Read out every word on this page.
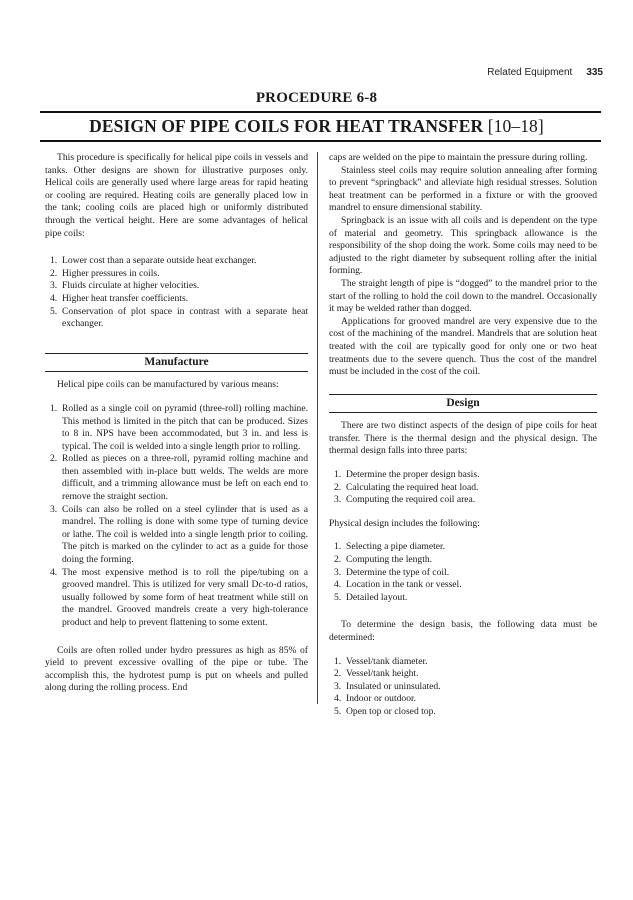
Related Equipment 335
PROCEDURE 6-8
DESIGN OF PIPE COILS FOR HEAT TRANSFER [10–18]

This procedure is specifically for helical pipe coils in vessels and tanks. Other designs are shown for illustrative purposes only. Helical coils are generally used where large areas for rapid heating or cooling are required. Heating coils are generally placed low in the tank; cooling coils are placed high or uniformly distributed through the vertical height. Here are some advantages of helical pipe coils:

1. Lower cost than a separate outside heat exchanger.
2. Higher pressures in coils.
3. Fluids circulate at higher velocities.
4. Higher heat transfer coefficients.
5. Conservation of plot space in contrast with a separate heat exchanger.
Manufacture

Helical pipe coils can be manufactured by various means:

1. Rolled as a single coil on pyramid (three-roll) rolling machine. This method is limited in the pitch that can be produced. Sizes to 8 in. NPS have been accommodated, but 3 in. and less is typical. The coil is welded into a single length prior to rolling.
2. Rolled as pieces on a three-roll, pyramid rolling machine and then assembled with in-place butt welds. The welds are more difficult, and a trimming allowance must be left on each end to remove the straight section.
3. Coils can also be rolled on a steel cylinder that is used as a mandrel. The rolling is done with some type of turning device or lathe. The coil is welded into a single length prior to coiling. The pitch is marked on the cylinder to act as a guide for those doing the forming.
4. The most expensive method is to roll the pipe/tubing on a grooved mandrel. This is utilized for very small Dc-to-d ratios, usually followed by some form of heat treatment while still on the mandrel. Grooved mandrels create a very high-tolerance product and help to prevent flattening to some extent.

Coils are often rolled under hydro pressures as high as 85% of yield to prevent excessive ovalling of the pipe or tube. The accomplish this, the hydrotest pump is put on wheels and pulled along during the rolling process. End

caps are welded on the pipe to maintain the pressure during rolling.

Stainless steel coils may require solution annealing after forming to prevent “springback” and alleviate high residual stresses. Solution heat treatment can be performed in a fixture or with the grooved mandrel to ensure dimensional stability.

Springback is an issue with all coils and is dependent on the type of material and geometry. This springback allowance is the responsibility of the shop doing the work. Some coils may need to be adjusted to the right diameter by subsequent rolling after the initial forming.

The straight length of pipe is “dogged” to the mandrel prior to the start of the rolling to hold the coil down to the mandrel. Occasionally it may be welded rather than dogged.

Applications for grooved mandrel are very expensive due to the cost of the machining of the mandrel. Mandrels that are solution heat treated with the coil are typically good for only one or two heat treatments due to the severe quench. Thus the cost of the mandrel must be included in the cost of the coil.

Design

There are two distinct aspects of the design of pipe coils for heat transfer. There is the thermal design and the physical design. The thermal design falls into three parts:

1. Determine the proper design basis.
2. Calculating the required heat load.
3. Computing the required coil area.

Physical design includes the following:

1. Selecting a pipe diameter.
2. Computing the length.
3. Determine the type of coil.
4. Location in the tank or vessel.
5. Detailed layout.

To determine the design basis, the following data must be determined:

1. Vessel/tank diameter.
2. Vessel/tank height.
3. Insulated or uninsulated.
4. Indoor or outdoor.
5. Open top or closed top.
